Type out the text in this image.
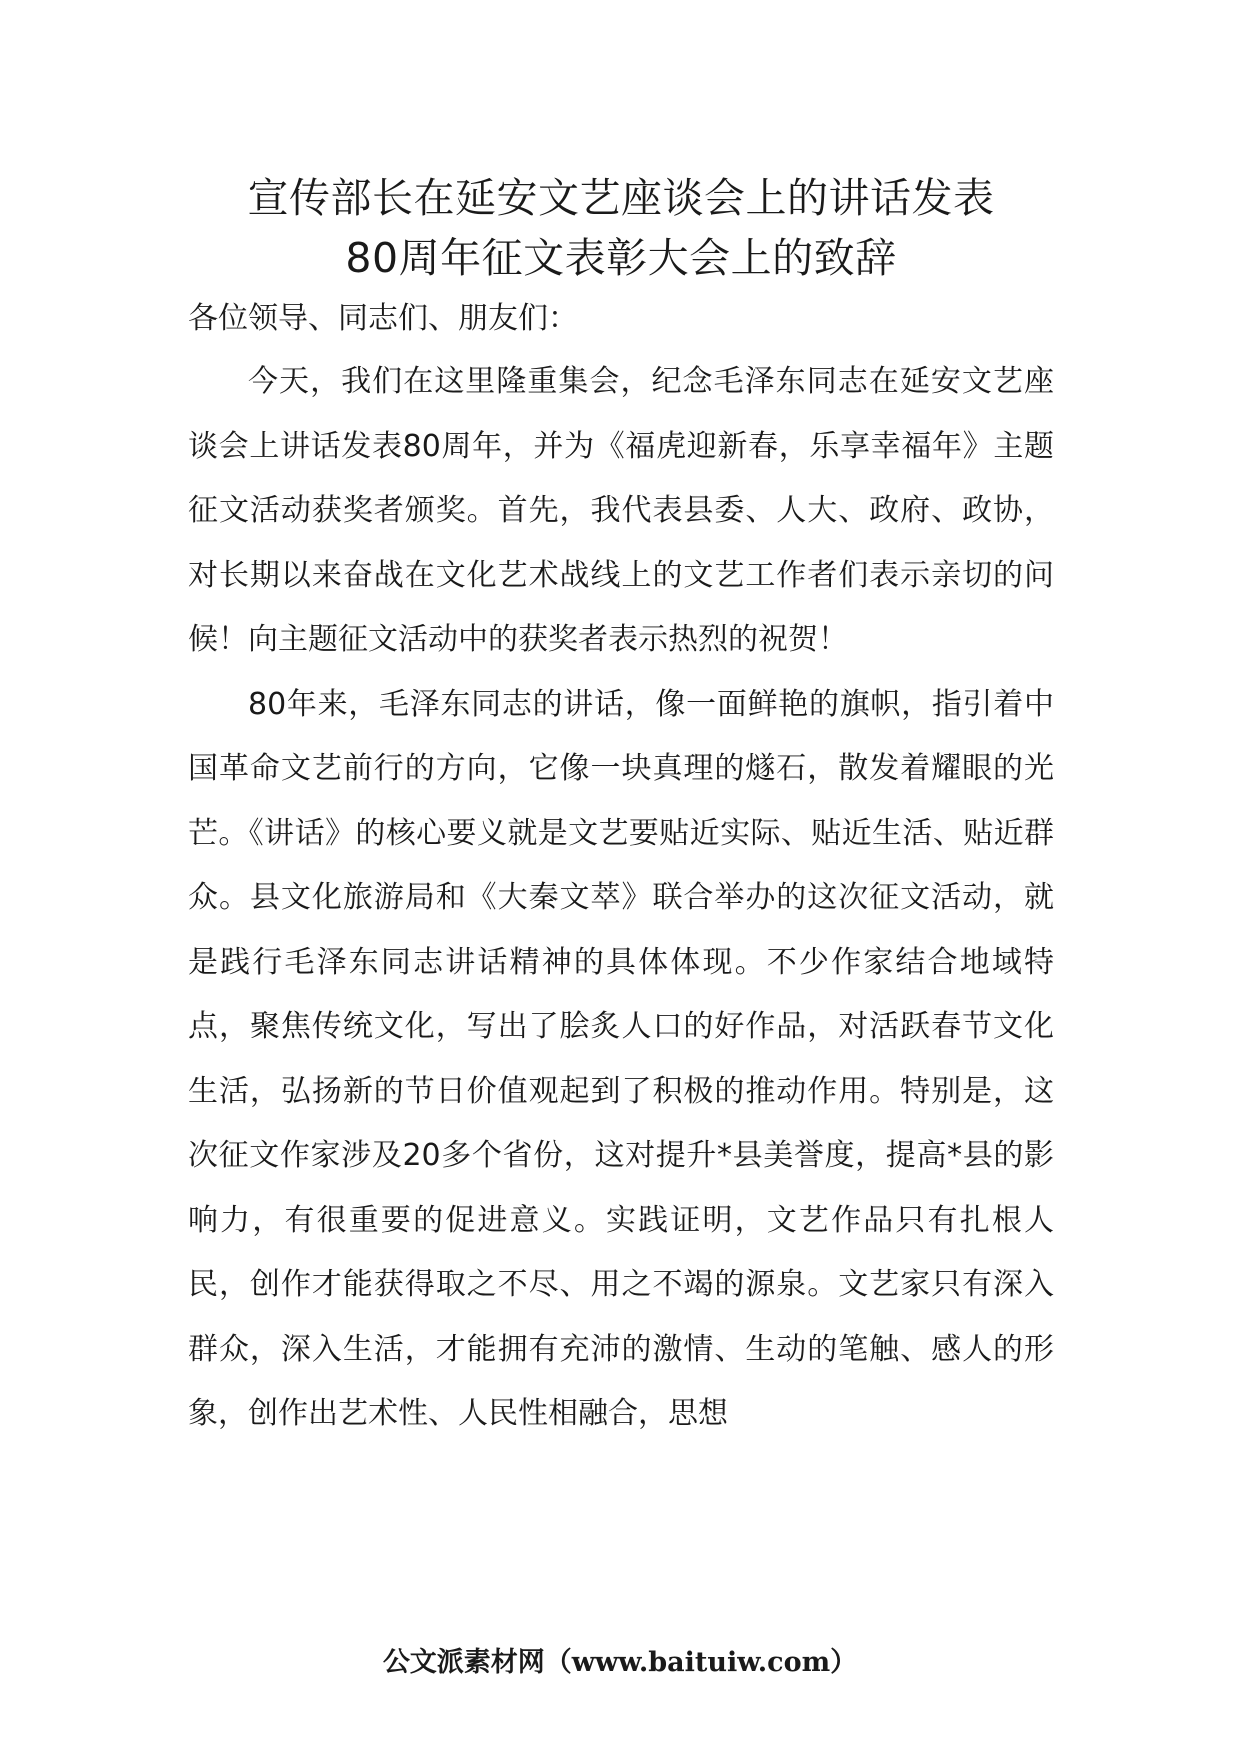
宣传部长在延安文艺座谈会上的讲话发表
80周年征文表彰大会上的致辞
各位领导、同志们、朋友们：

今天，我们在这里隆重集会，纪念毛泽东同志在延安文艺座谈会上讲话发表80周年，并为《福虎迎新春，乐享幸福年》主题征文活动获奖者颁奖。首先，我代表县委、人大、政府、政协，对长期以来奋战在文化艺术战线上的文艺工作者们表示亲切的问候！向主题征文活动中的获奖者表示热烈的祝贺！

80年来，毛泽东同志的讲话，像一面鲜艳的旗帜，指引着中国革命文艺前行的方向，它像一块真理的燧石，散发着耀眼的光芒。《讲话》的核心要义就是文艺要贴近实际、贴近生活、贴近群众。县文化旅游局和《大秦文萃》联合举办的这次征文活动，就是践行毛泽东同志讲话精神的具体体现。不少作家结合地域特点，聚焦传统文化，写出了脍炙人口的好作品，对活跃春节文化生活，弘扬新的节日价值观起到了积极的推动作用。特别是，这次征文作家涉及20多个省份，这对提升*县美誉度，提高*县的影响力，有很重要的促进意义。实践证明，文艺作品只有扎根人民，创作才能获得取之不尽、用之不竭的源泉。文艺家只有深入群众，深入生活，才能拥有充沛的激情、生动的笔触、感人的形象，创作出艺术性、人民性相融合，思想

公文派素材网（www.baituiw.com）
